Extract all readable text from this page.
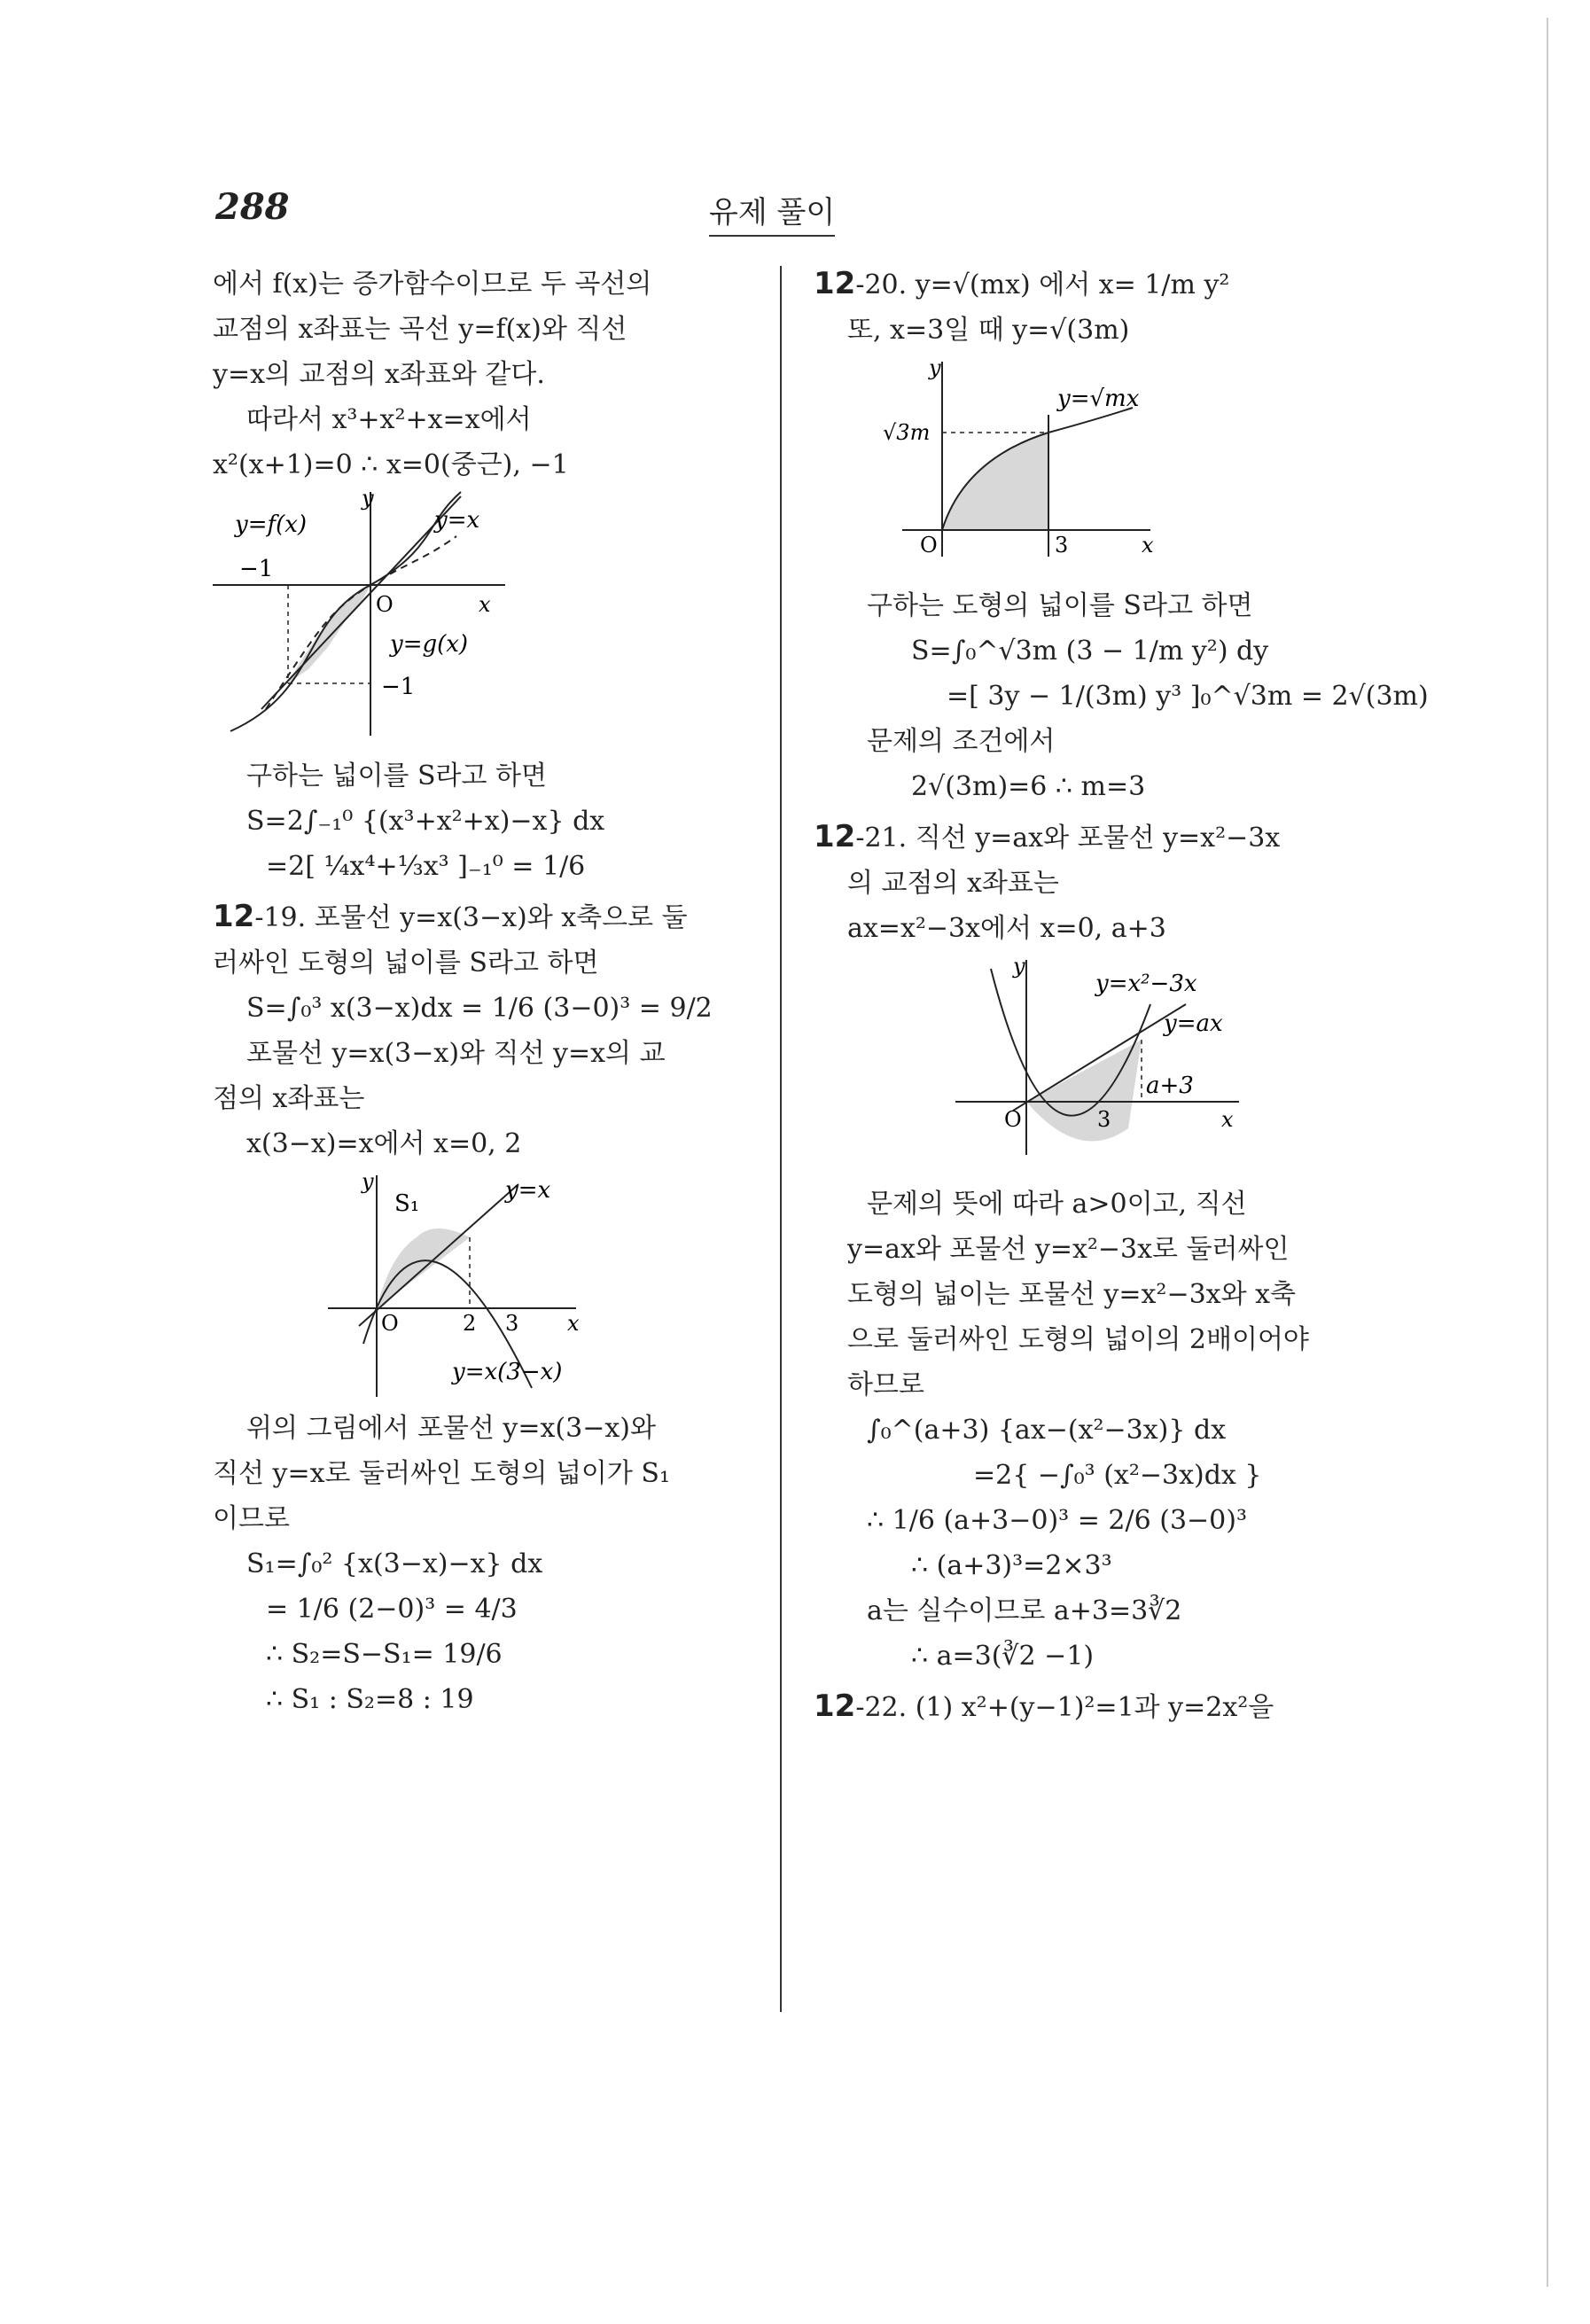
288	유제 풀이
에서 f(x)는 증가함수이므로 두 곡선의
교점의 x좌표는 곡선 y=f(x)와 직선
y=x의 교점의 x좌표와 같다.
따라서 x³+x²+x=x에서
x²(x+1)=0 ∴ x=0(중근), −1
y
x
O
y=f(x)	y=x
y=g(x)
−1
−1
구하는 넓이를 S라고 하면
S=2∫₋₁⁰ {(x³+x²+x)−x} dx
=2[ ¼x⁴+⅓x³ ]₋₁⁰ = 1/6
12-19. 포물선 y=x(3−x)와 x축으로 둘
러싸인 도형의 넓이를 S라고 하면
S=∫₀³ x(3−x)dx = 1/6 (3−0)³ = 9/2
포물선 y=x(3−x)와 직선 y=x의 교
점의 x좌표는
x(3−x)=x에서 x=0, 2
y
x
O
S₁	y=x
2 3
y=x(3−x)
위의 그림에서 포물선 y=x(3−x)와
직선 y=x로 둘러싸인 도형의 넓이가 S₁
이므로
S₁=∫₀² {x(3−x)−x} dx
= 1/6 (2−0)³ = 4/3
∴ S₂=S−S₁= 19/6
∴ S₁ : S₂=8 : 19
12-20. y=√(mx) 에서 x= 1/m y²
또, x=3일 때 y=√(3m)
y
x
O
√3m
3
y=√mx
구하는 도형의 넓이를 S라고 하면
S=∫₀^√3m (3 − 1/m y²) dy
=[ 3y − 1/(3m) y³ ]₀^√3m = 2√(3m)
문제의 조건에서
2√(3m)=6 ∴ m=3
12-21. 직선 y=ax와 포물선 y=x²−3x
의 교점의 x좌표는
ax=x²−3x에서 x=0, a+3
y
x
O	3
a+3
y=x²−3x
y=ax
문제의 뜻에 따라 a>0이고, 직선
y=ax와 포물선 y=x²−3x로 둘러싸인
도형의 넓이는 포물선 y=x²−3x와 x축
으로 둘러싸인 도형의 넓이의 2배이어야
하므로
∫₀^(a+3) {ax−(x²−3x)} dx
=2{ −∫₀³ (x²−3x)dx }
∴ 1/6 (a+3−0)³ = 2/6 (3−0)³
∴ (a+3)³=2×3³
a는 실수이므로 a+3=3∛2
∴ a=3(∛2 −1)
12-22. (1) x²+(y−1)²=1과 y=2x²을
